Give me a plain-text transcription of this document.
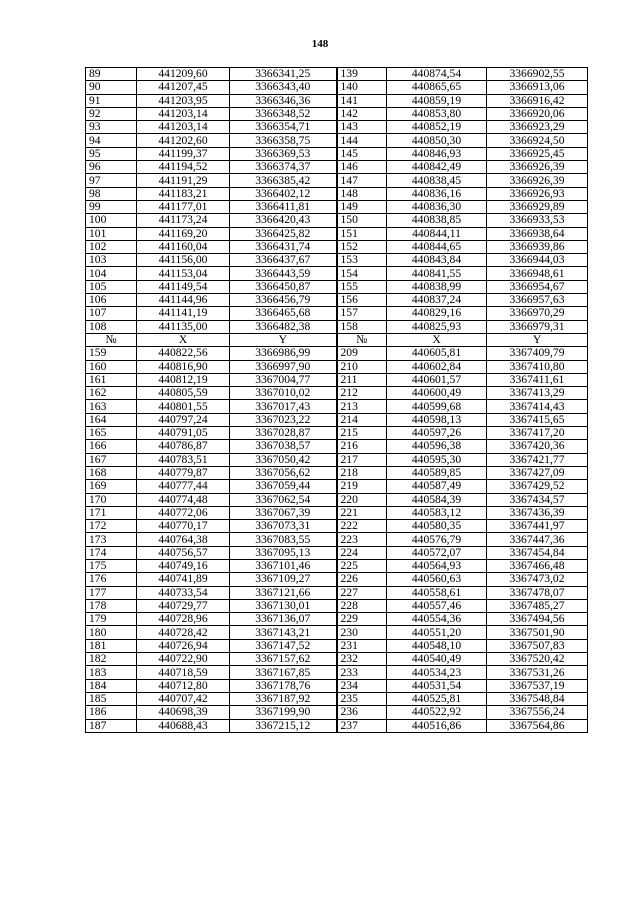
148
89	441209,60	3366341,25	139	440874,54	3366902,55
90	441207,45	3366343,40	140	440865,65	3366913,06
91	441203,95	3366346,36	141	440859,19	3366916,42
92	441203,14	3366348,52	142	440853,80	3366920,06
93	441203,14	3366354,71	143	440852,19	3366923,29
94	441202,60	3366358,75	144	440850,30	3366924,50
95	441199,37	3366369,53	145	440846,93	3366925,45
96	441194,52	3366374,37	146	440842,49	3366926,39
97	441191,29	3366385,42	147	440838,45	3366926,39
98	441183,21	3366402,12	148	440836,16	3366926,93
99	441177,01	3366411,81	149	440836,30	3366929,89
100	441173,24	3366420,43	150	440838,85	3366933,53
101	441169,20	3366425,82	151	440844,11	3366938,64
102	441160,04	3366431,74	152	440844,65	3366939,86
103	441156,00	3366437,67	153	440843,84	3366944,03
104	441153,04	3366443,59	154	440841,55	3366948,61
105	441149,54	3366450,87	155	440838,99	3366954,67
106	441144,96	3366456,79	156	440837,24	3366957,63
107	441141,19	3366465,68	157	440829,16	3366970,29
108	441135,00	3366482,38	158	440825,93	3366979,31
№	X	Y	№	X	Y
159	440822,56	3366986,99	209	440605,81	3367409,79
160	440816,90	3366997,90	210	440602,84	3367410,80
161	440812,19	3367004,77	211	440601,57	3367411,61
162	440805,59	3367010,02	212	440600,49	3367413,29
163	440801,55	3367017,43	213	440599,68	3367414,43
164	440797,24	3367023,22	214	440598,13	3367415,65
165	440791,05	3367028,87	215	440597,26	3367417,20
166	440786,87	3367038,57	216	440596,38	3367420,36
167	440783,51	3367050,42	217	440595,30	3367421,77
168	440779,87	3367056,62	218	440589,85	3367427,09
169	440777,44	3367059,44	219	440587,49	3367429,52
170	440774,48	3367062,54	220	440584,39	3367434,57
171	440772,06	3367067,39	221	440583,12	3367436,39
172	440770,17	3367073,31	222	440580,35	3367441,97
173	440764,38	3367083,55	223	440576,79	3367447,36
174	440756,57	3367095,13	224	440572,07	3367454,84
175	440749,16	3367101,46	225	440564,93	3367466,48
176	440741,89	3367109,27	226	440560,63	3367473,02
177	440733,54	3367121,66	227	440558,61	3367478,07
178	440729,77	3367130,01	228	440557,46	3367485,27
179	440728,96	3367136,07	229	440554,36	3367494,56
180	440728,42	3367143,21	230	440551,20	3367501,90
181	440726,94	3367147,52	231	440548,10	3367507,83
182	440722,90	3367157,62	232	440540,49	3367520,42
183	440718,59	3367167,85	233	440534,23	3367531,26
184	440712,80	3367178,76	234	440531,54	3367537,19
185	440707,42	3367187,92	235	440525,81	3367548,84
186	440698,39	3367199,90	236	440522,92	3367556,24
187	440688,43	3367215,12	237	440516,86	3367564,86
